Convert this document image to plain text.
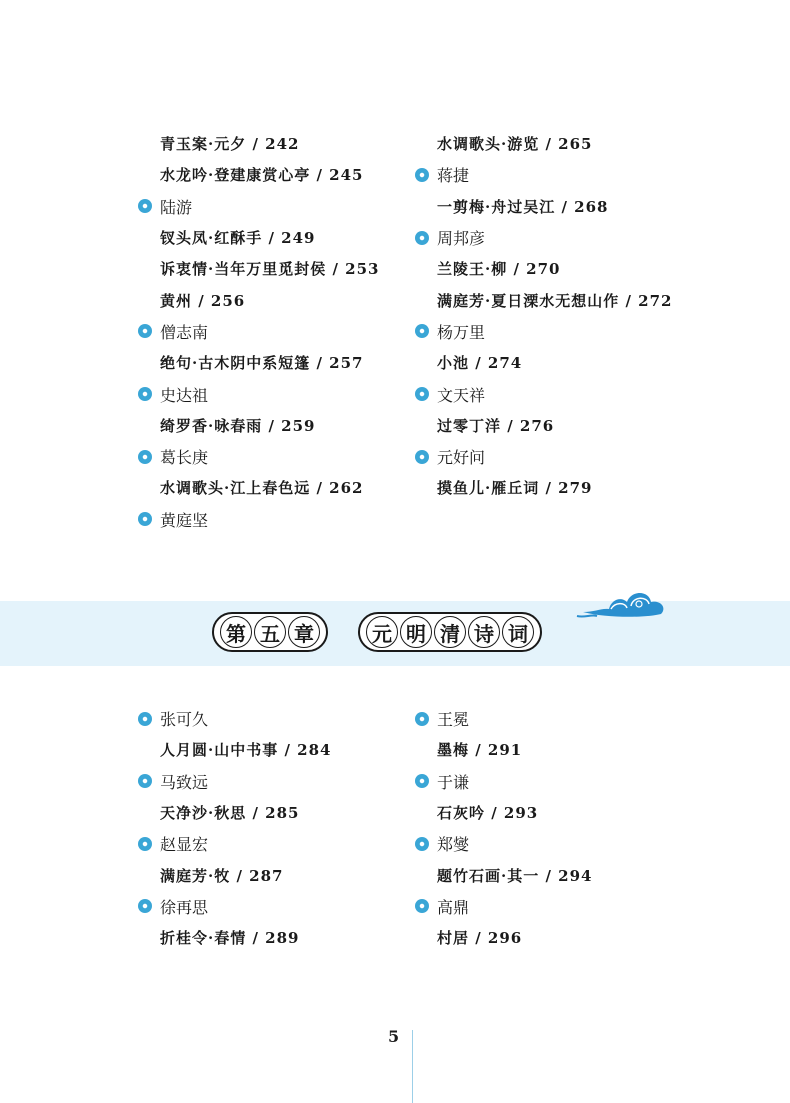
青玉案·元夕 / 242
水龙吟·登建康赏心亭 / 245
陆游
钗头凤·红酥手 / 249
诉衷情·当年万里觅封侯 / 253
黄州 / 256
僧志南
绝句·古木阴中系短篷 / 257
史达祖
绮罗香·咏春雨 / 259
葛长庚
水调歌头·江上春色远 / 262
黄庭坚
水调歌头·游览 / 265
蒋捷
一剪梅·舟过吴江 / 268
周邦彦
兰陵王·柳 / 270
满庭芳·夏日溧水无想山作 / 272
杨万里
小池 / 274
文天祥
过零丁洋 / 276
元好问
摸鱼儿·雁丘词 / 279
第 五 章	元 明 清 诗 词
张可久
人月圆·山中书事 / 284
马致远
天净沙·秋思 / 285
赵显宏
满庭芳·牧 / 287
徐再思
折桂令·春情 / 289
王冕
墨梅 / 291
于谦
石灰吟 / 293
郑燮
题竹石画·其一 / 294
高鼎
村居 / 296
5
